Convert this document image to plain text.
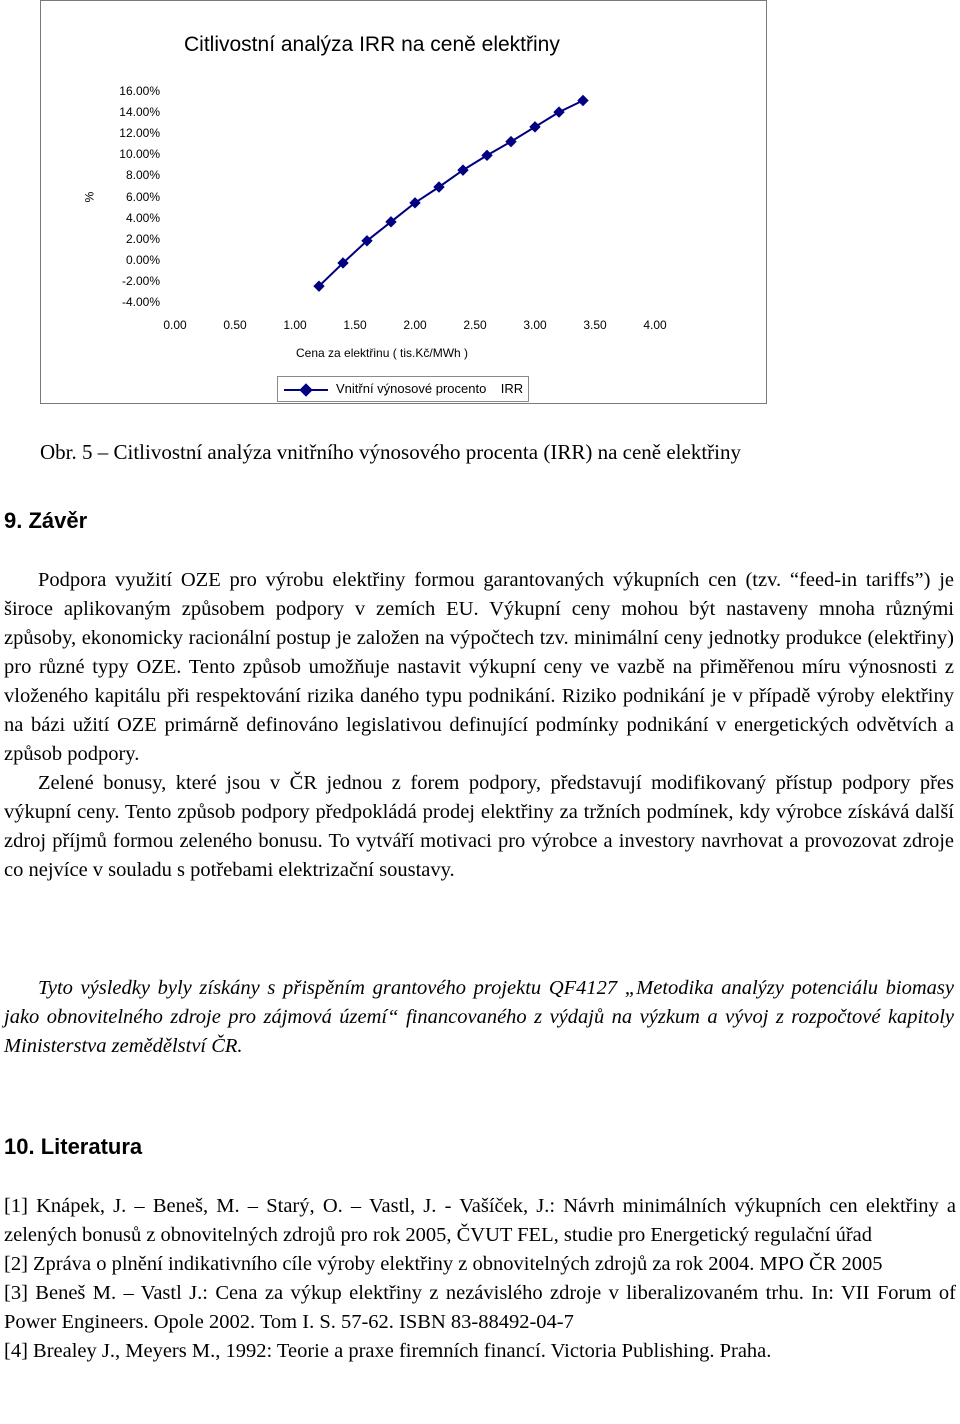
Citlivostní analýza IRR na ceně elektřiny
%
16.00%
14.00%
12.00%
10.00%
8.00%
6.00%
4.00%
2.00%
0.00%
-2.00%
-4.00%
0.00	0.50	1.00	1.50	2.00	2.50	3.00	3.50	4.00
Cena za elektřinu ( tis.Kč/MWh )
Vnitřní výnosové procento    IRR
Obr. 5 – Citlivostní analýza vnitřního výnosového procenta (IRR) na ceně elektřiny
9. Závěr

Podpora využití OZE pro výrobu elektřiny formou garantovaných výkupních cen (tzv. “feed-in tariffs”) je široce aplikovaným způsobem podpory v zemích EU. Výkupní ceny mohou být nastaveny mnoha různými způsoby, ekonomicky racionální postup je založen na výpočtech tzv. minimální ceny jednotky produkce (elektřiny) pro různé typy OZE. Tento způsob umožňuje nastavit výkupní ceny ve vazbě na přiměřenou míru výnosnosti z vloženého kapitálu při respektování rizika daného typu podnikání. Riziko podnikání je v případě výroby elektřiny na bázi užití OZE primárně definováno legislativou definující podmínky podnikání v energetických odvětvích a způsob podpory.

Zelené bonusy, které jsou v ČR jednou z forem podpory, představují modifikovaný přístup podpory přes výkupní ceny. Tento způsob podpory předpokládá prodej elektřiny za tržních podmínek, kdy výrobce získává další zdroj příjmů formou zeleného bonusu. To vytváří motivaci pro výrobce a investory navrhovat a provozovat zdroje co nejvíce v souladu s potřebami elektrizační soustavy.

Tyto výsledky byly získány s přispěním grantového projektu QF4127 „Metodika analýzy potenciálu biomasy jako obnovitelného zdroje pro zájmová území“ financovaného z výdajů na výzkum a vývoj z rozpočtové kapitoly Ministerstva zemědělství ČR.

10. Literatura

[1] Knápek, J. – Beneš, M. – Starý, O. – Vastl, J. - Vašíček, J.: Návrh minimálních výkupních cen elektřiny a zelených bonusů z obnovitelných zdrojů pro rok 2005, ČVUT FEL, studie pro Energetický regulační úřad

[2] Zpráva o plnění indikativního cíle výroby elektřiny z obnovitelných zdrojů za rok 2004. MPO ČR 2005

[3] Beneš M. – Vastl J.: Cena za výkup elektřiny z nezávislého zdroje v liberalizovaném trhu. In: VII Forum of Power Engineers. Opole 2002. Tom I. S. 57-62. ISBN 83-88492-04-7

[4] Brealey J., Meyers M., 1992: Teorie a praxe firemních financí. Victoria Publishing. Praha.
